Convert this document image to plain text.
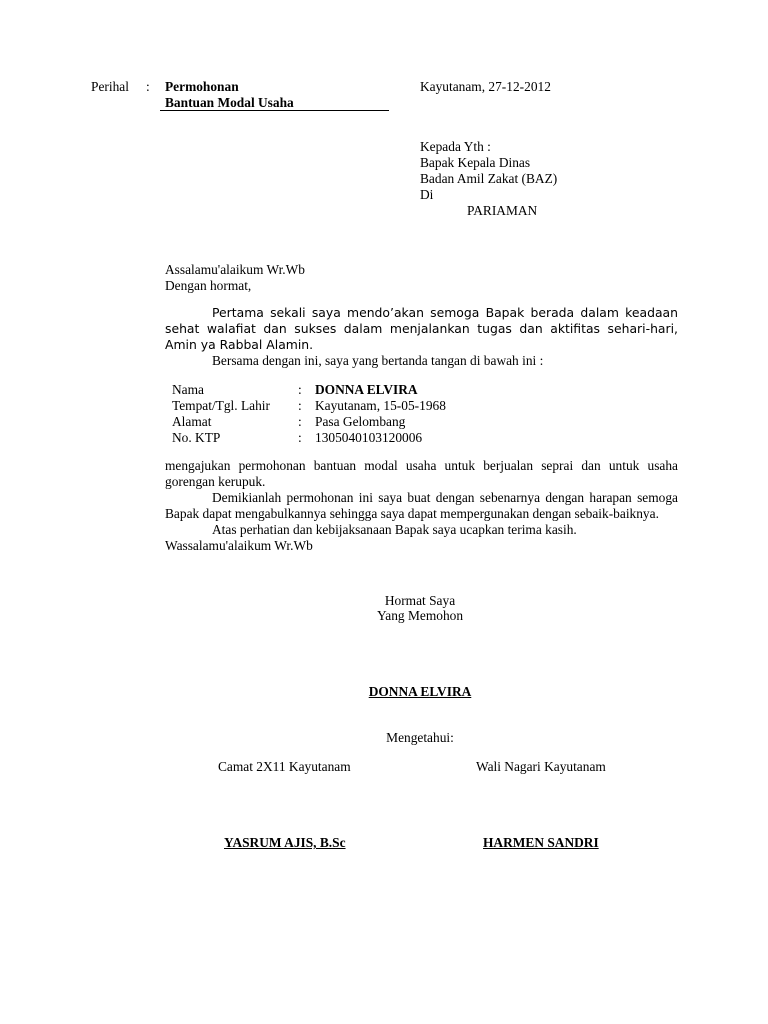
Perihal : Permohonan
Bantuan Modal Usaha
Kayutanam, 27-12-2012
Kepada Yth :
Bapak Kepala Dinas
Badan Amil Zakat (BAZ)
Di
PARIAMAN
Assalamu'alaikum Wr.Wb
Dengan hormat,

Pertama sekali saya mendo’akan semoga Bapak berada dalam keadaan sehat walafiat dan sukses dalam menjalankan tugas dan aktifitas sehari-hari, Amin ya Rabbal Alamin.

Bersama dengan ini, saya yang bertanda tangan di bawah ini :

Nama	:	DONNA ELVIRA
Tempat/Tgl. Lahir	:	Kayutanam, 15-05-1968
Alamat	:	Pasa Gelombang
No. KTP	:	1305040103120006

mengajukan permohonan bantuan modal usaha untuk berjualan seprai dan untuk usaha gorengan kerupuk.

Demikianlah permohonan ini saya buat dengan sebenarnya dengan harapan semoga Bapak dapat mengabulkannya sehingga saya dapat mempergunakan dengan sebaik-baiknya.

Atas perhatian dan kebijaksanaan Bapak saya ucapkan terima kasih.

Wassalamu'alaikum Wr.Wb

Hormat Saya
Yang Memohon
DONNA ELVIRA
Mengetahui:
Camat 2X11 Kayutanam	Wali Nagari Kayutanam
YASRUM AJIS, B.Sc	HARMEN SANDRI
